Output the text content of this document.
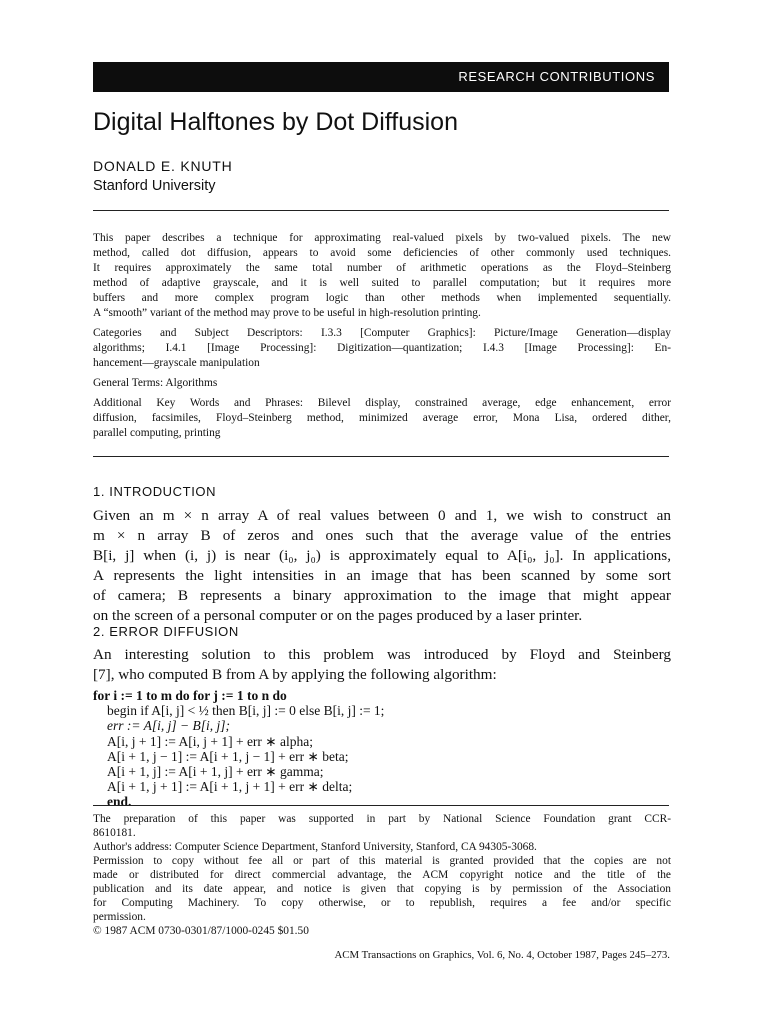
RESEARCH CONTRIBUTIONS
Digital Halftones by Dot Diffusion
DONALD E. KNUTH
Stanford University

This paper describes a technique for approximating real-valued pixels by two-valued pixels. The new
method, called dot diffusion, appears to avoid some deficiencies of other commonly used techniques.
It requires approximately the same total number of arithmetic operations as the Floyd–Steinberg
method of adaptive grayscale, and it is well suited to parallel computation; but it requires more
buffers and more complex program logic than other methods when implemented sequentially.
A “smooth” variant of the method may prove to be useful in high-resolution printing.

Categories and Subject Descriptors: I.3.3 [Computer Graphics]: Picture/Image Generation—display
algorithms; I.4.1 [Image Processing]: Digitization—quantization; I.4.3 [Image Processing]: En-
hancement—grayscale manipulation

General Terms: Algorithms

Additional Key Words and Phrases: Bilevel display, constrained average, edge enhancement, error
diffusion, facsimiles, Floyd–Steinberg method, minimized average error, Mona Lisa, ordered dither,
parallel computing, printing

1. INTRODUCTION
Given an m × n array A of real values between 0 and 1, we wish to construct an
m × n array B of zeros and ones such that the average value of the entries
B[i, j] when (i, j) is near (i₀, j₀) is approximately equal to A[i₀, j₀]. In applications,
A represents the light intensities in an image that has been scanned by some sort
of camera; B represents a binary approximation to the image that might appear
on the screen of a personal computer or on the pages produced by a laser printer.
2. ERROR DIFFUSION
An interesting solution to this problem was introduced by Floyd and Steinberg
[7], who computed B from A by applying the following algorithm:
for i := 1 to m do for j := 1 to n do
begin if A[i, j] < ½ then B[i, j] := 0 else B[i, j] := 1;
err := A[i, j] − B[i, j];
A[i, j + 1] := A[i, j + 1] + err ∗ alpha;
A[i + 1, j − 1] := A[i + 1, j − 1] + err ∗ beta;
A[i + 1, j] := A[i + 1, j] + err ∗ gamma;
A[i + 1, j + 1] := A[i + 1, j + 1] + err ∗ delta;
end.
The preparation of this paper was supported in part by National Science Foundation grant CCR-
8610181.
Author's address: Computer Science Department, Stanford University, Stanford, CA 94305-3068.
Permission to copy without fee all or part of this material is granted provided that the copies are not
made or distributed for direct commercial advantage, the ACM copyright notice and the title of the
publication and its date appear, and notice is given that copying is by permission of the Association
for Computing Machinery. To copy otherwise, or to republish, requires a fee and/or specific
permission.
© 1987 ACM 0730-0301/87/1000-0245 $01.50
ACM Transactions on Graphics, Vol. 6, No. 4, October 1987, Pages 245–273.
